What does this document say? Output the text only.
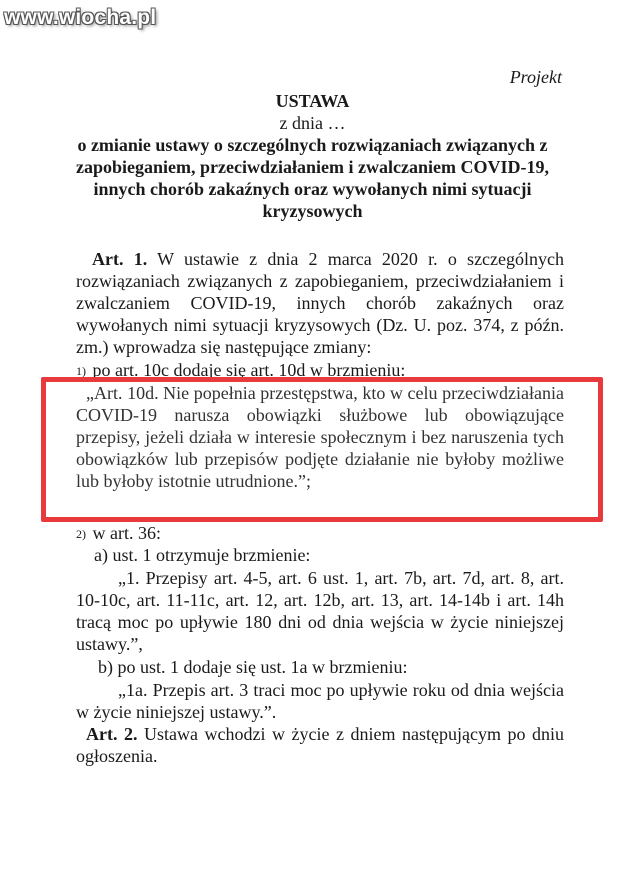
www.wiocha.pl
Projekt
USTAWA
z dnia …
o zmianie ustawy o szczególnych rozwiązaniach związanych z zapobieganiem, przeciwdziałaniem i zwalczaniem COVID-19, innych chorób zakaźnych oraz wywołanych nimi sytuacji kryzysowych
Art. 1. W ustawie z dnia 2 marca 2020 r. o szczególnych rozwiązaniach związanych z zapobieganiem, przeciwdziałaniem i zwalczaniem COVID-19, innych chorób zakaźnych oraz wywołanych nimi sytuacji kryzysowych (Dz. U. poz. 374, z późn. zm.) wprowadza się następujące zmiany:
1) po art. 10c dodaje się art. 10d w brzmieniu:
„Art. 10d. Nie popełnia przestępstwa, kto w celu przeciwdziałania COVID-19 narusza obowiązki służbowe lub obowiązujące przepisy, jeżeli działa w interesie społecznym i bez naruszenia tych obowiązków lub przepisów podjęte działanie nie byłoby możliwe lub byłoby istotnie utrudnione.”;
2) w art. 36:
a) ust. 1 otrzymuje brzmienie:
„1. Przepisy art. 4-5, art. 6 ust. 1, art. 7b, art. 7d, art. 8, art. 10-10c, art. 11-11c, art. 12, art. 12b, art. 13, art. 14-14b i art. 14h tracą moc po upływie 180 dni od dnia wejścia w życie niniejszej ustawy.”,
b) po ust. 1 dodaje się ust. 1a w brzmieniu:
„1a. Przepis art. 3 traci moc po upływie roku od dnia wejścia w życie niniejszej ustawy.”.
Art. 2. Ustawa wchodzi w życie z dniem następującym po dniu ogłoszenia.
